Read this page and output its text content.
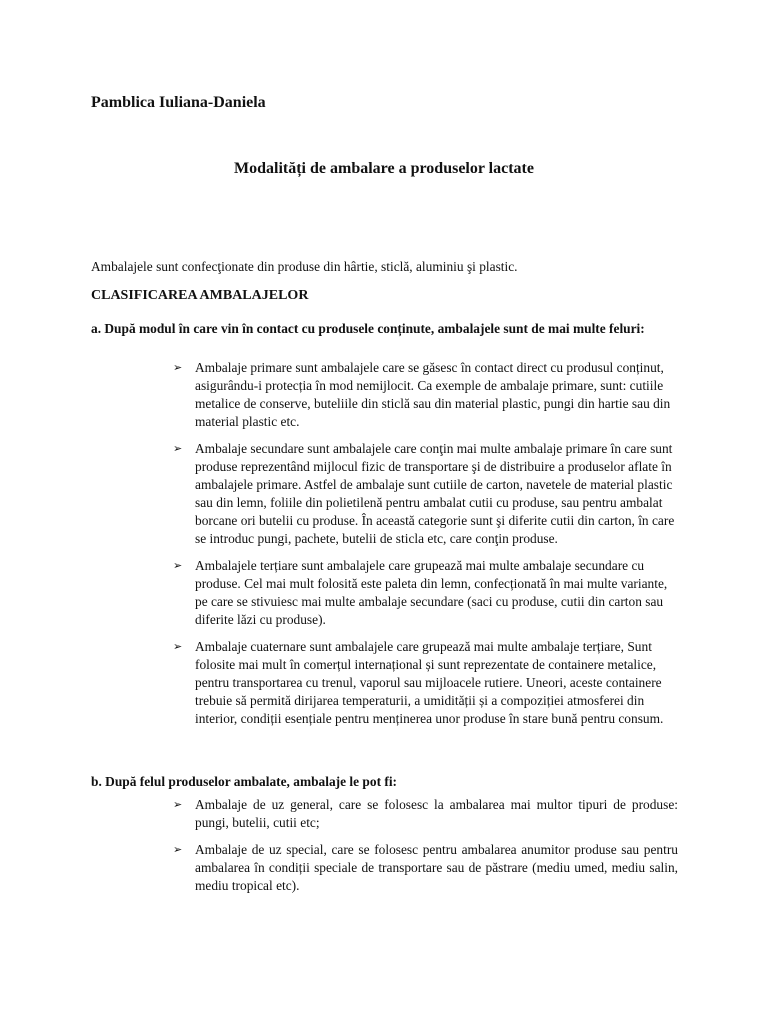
Pamblica Iuliana-Daniela
Modalități de ambalare a produselor lactate
Ambalajele sunt confecţionate din produse din hârtie, sticlă, aluminiu şi plastic.
CLASIFICAREA AMBALAJELOR
a. După modul în care vin în contact cu produsele conținute, ambalajele sunt de mai multe feluri:
➢ Ambalaje primare sunt ambalajele care se găsesc în contact direct cu produsul conținut, asigurându-i protecția în mod nemijlocit. Ca exemple de ambalaje primare, sunt: cutiile metalice de conserve, buteliile din sticlă sau din material plastic, pungi din hartie sau din material plastic etc.
➢ Ambalaje secundare sunt ambalajele care conţin mai multe ambalaje primare în care sunt produse reprezentând mijlocul fizic de transportare şi de distribuire a produselor aflate în ambalajele primare. Astfel de ambalaje sunt cutiile de carton, navetele de material plastic sau din lemn, foliile din polietilenă pentru ambalat cutii cu produse, sau pentru ambalat borcane ori butelii cu produse. În această categorie sunt şi diferite cutii din carton, în care se introduc pungi, pachete, butelii de sticla etc, care conţin produse.
➢ Ambalajele terțiare sunt ambalajele care grupează mai multe ambalaje secundare cu produse. Cel mai mult folosită este paleta din lemn, confecționată în mai multe variante, pe care se stivuiesc mai multe ambalaje secundare (saci cu produse, cutii din carton sau diferite lăzi cu produse).
➢ Ambalaje cuaternare sunt ambalajele care grupează mai multe ambalaje terțiare, Sunt folosite mai mult în comerțul internațional și sunt reprezentate de containere metalice, pentru transportarea cu trenul, vaporul sau mijloacele rutiere. Uneori, aceste containere trebuie să permită dirijarea temperaturii, a umidității și a compoziției atmosferei din interior, condiții esențiale pentru menținerea unor produse în stare bună pentru consum.
b. După felul produselor ambalate, ambalaje le pot fi:
➢ Ambalaje de uz general, care se folosesc la ambalarea mai multor tipuri de produse: pungi, butelii, cutii etc;
➢ Ambalaje de uz special, care se folosesc pentru ambalarea anumitor produse sau pentru ambalarea în condiții speciale de transportare sau de păstrare (mediu umed, mediu salin, mediu tropical etc).
